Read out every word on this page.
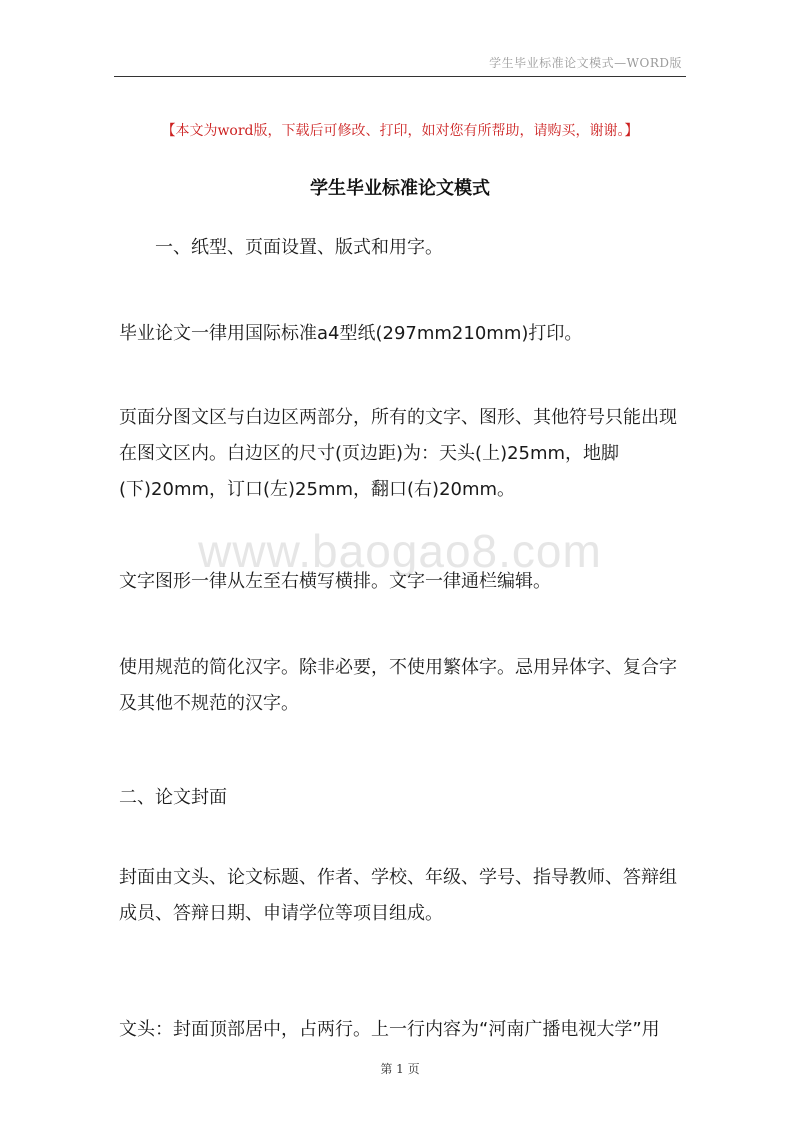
学生毕业标准论文模式—WORD版
【本文为word版，下载后可修改、打印，如对您有所帮助，请购买，谢谢。】
学生毕业标准论文模式
一、纸型、页面设置、版式和用字。
毕业论文一律用国际标准a4型纸(297mm210mm)打印。
页面分图文区与白边区两部分，所有的文字、图形、其他符号只能出现在图文区内。白边区的尺寸(页边距)为：天头(上)25mm，地脚(下)20mm，订口(左)25mm，翻口(右)20mm。
www.baogao8.com
文字图形一律从左至右横写横排。文字一律通栏编辑。
使用规范的简化汉字。除非必要，不使用繁体字。忌用异体字、复合字及其他不规范的汉字。
二、论文封面
封面由文头、论文标题、作者、学校、年级、学号、指导教师、答辩组成员、答辩日期、申请学位等项目组成。
文头：封面顶部居中，占两行。上一行内容为“河南广播电视大学”用
第 1 页
